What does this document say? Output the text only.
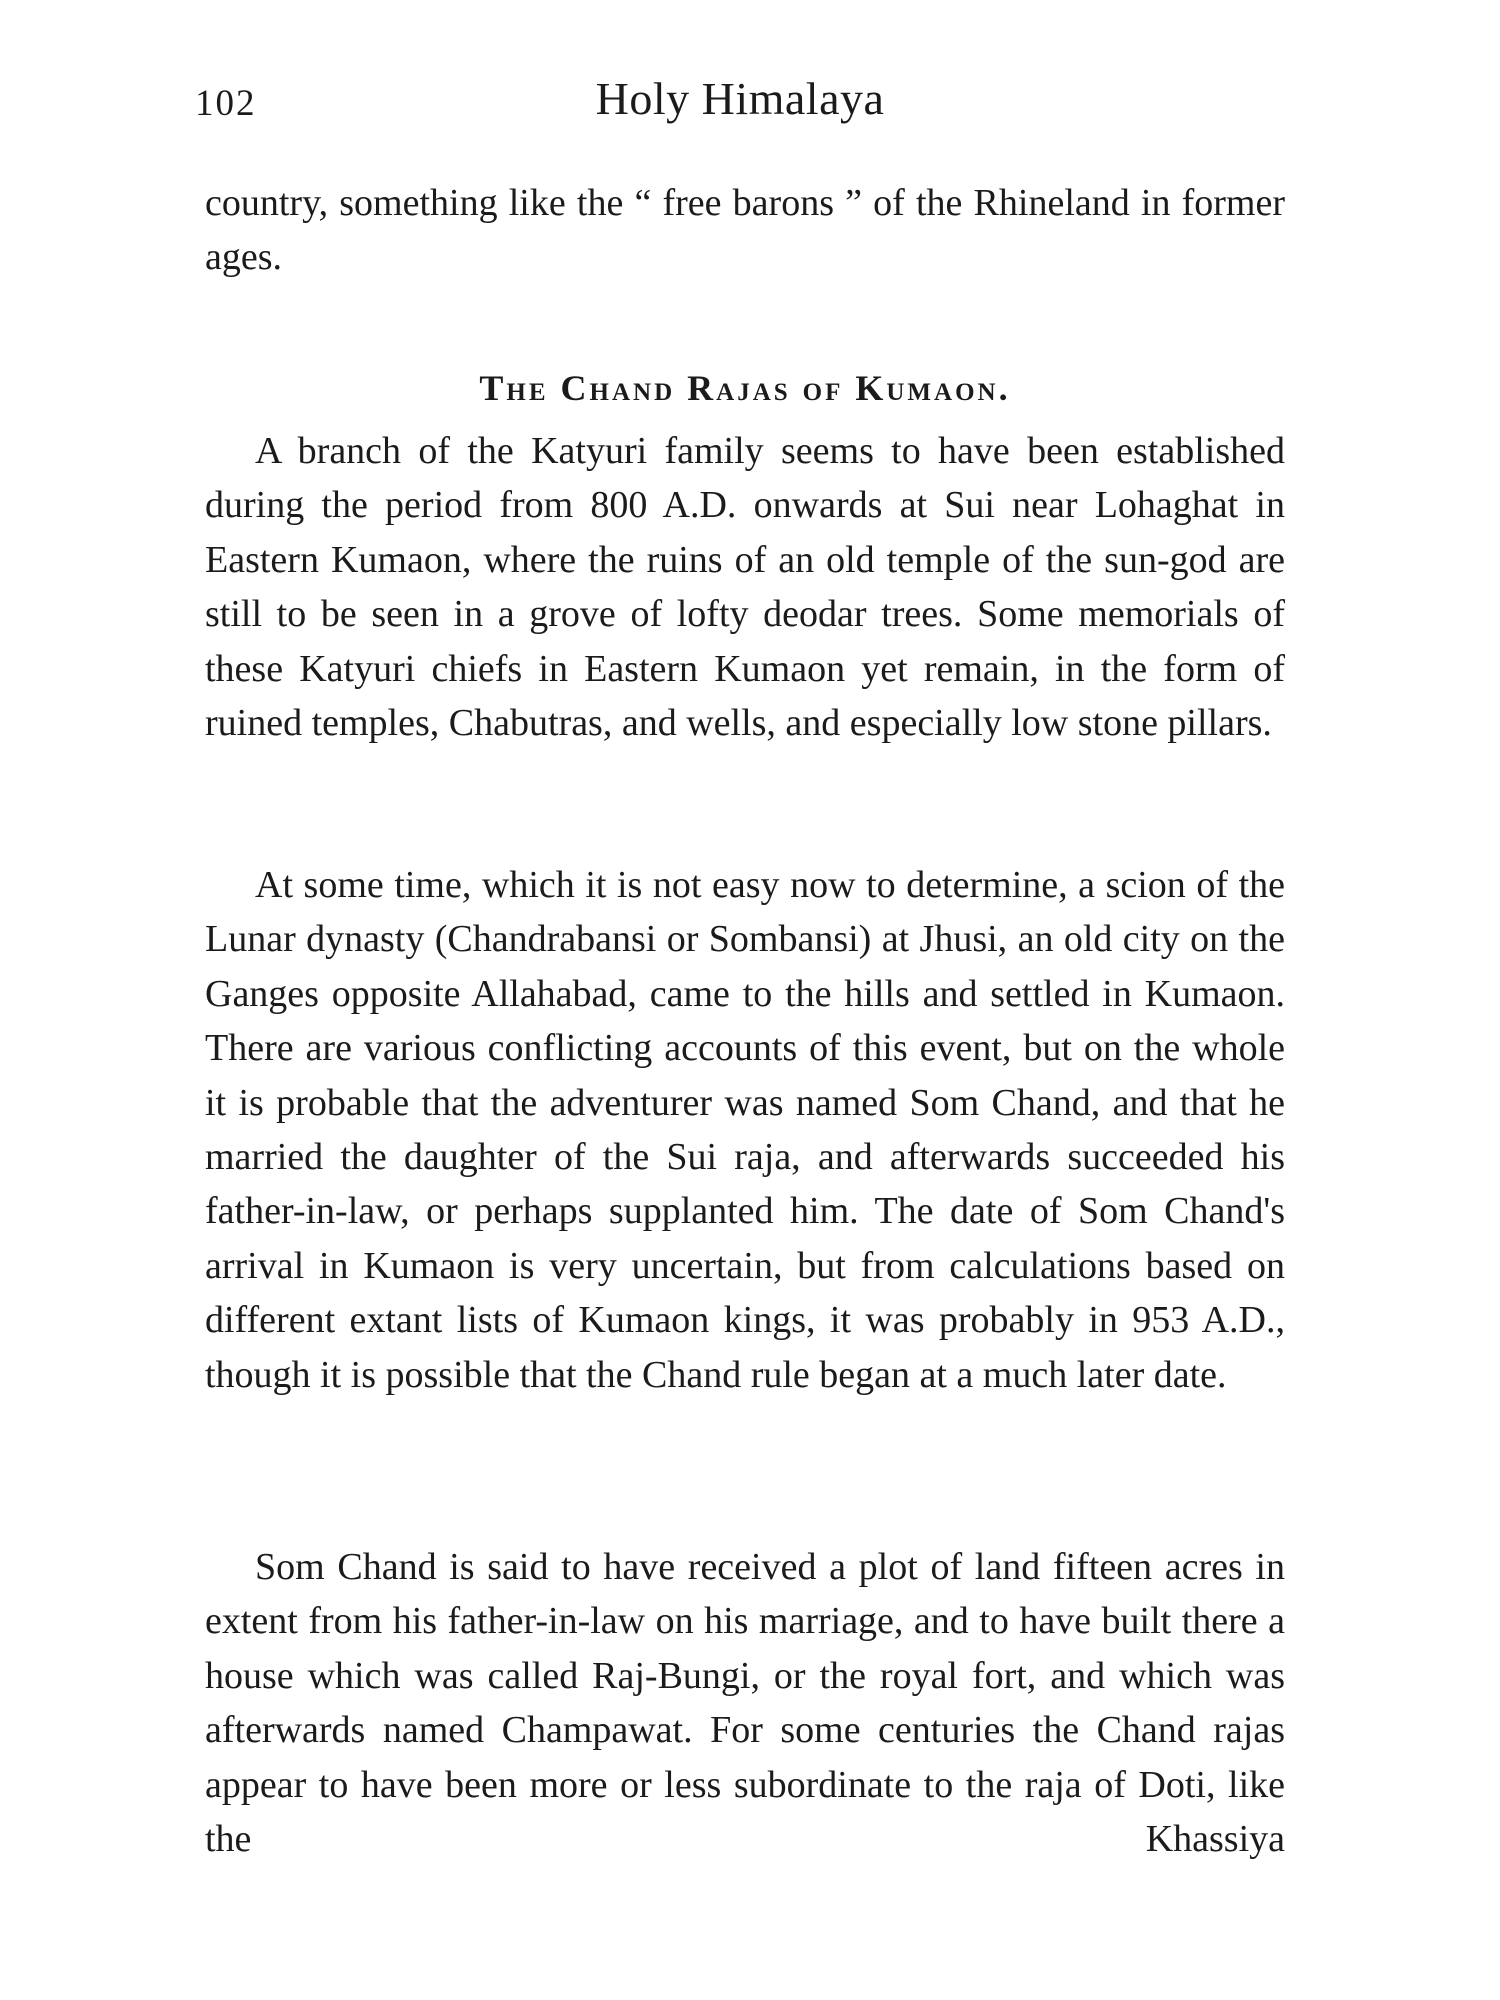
102	Holy Himalaya

country, something like the “ free barons ” of the Rhineland in former ages.

The Chand Rajas of Kumaon.

A branch of the Katyuri family seems to have been established during the period from 800 A.D. onwards at Sui near Lohaghat in Eastern Kumaon, where the ruins of an old temple of the sun-god are still to be seen in a grove of lofty deodar trees. Some memorials of these Katyuri chiefs in Eastern Kumaon yet remain, in the form of ruined temples, Chabutras, and wells, and especially low stone pillars.

At some time, which it is not easy now to determine, a scion of the Lunar dynasty (Chandrabansi or Sombansi) at Jhusi, an old city on the Ganges opposite Allahabad, came to the hills and settled in Kumaon. There are various conflicting accounts of this event, but on the whole it is probable that the adventurer was named Som Chand, and that he married the daughter of the Sui raja, and afterwards succeeded his father-in-law, or perhaps supplanted him. The date of Som Chand's arrival in Kumaon is very uncertain, but from calculations based on different extant lists of Kumaon kings, it was probably in 953 A.D., though it is possible that the Chand rule began at a much later date.

Som Chand is said to have received a plot of land fifteen acres in extent from his father-in-law on his marriage, and to have built there a house which was called Raj-Bungi, or the royal fort, and which was afterwards named Champawat. For some centuries the Chand rajas appear to have been more or less subordinate to the raja of Doti, like the Khassiya
